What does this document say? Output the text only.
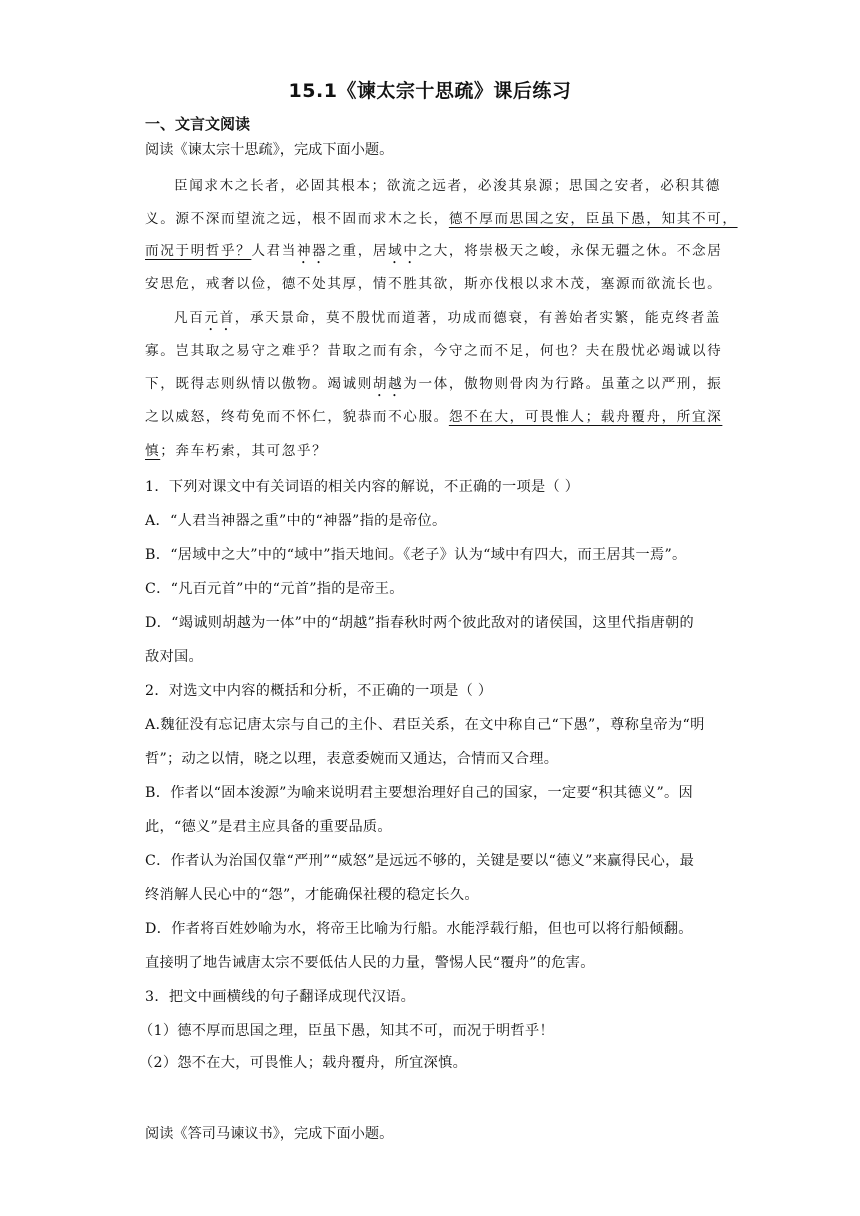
15.1《谏太宗十思疏》课后练习
一、文言文阅读
阅读《谏太宗十思疏》，完成下面小题。
臣闻求木之长者，必固其根本；欲流之远者，必浚其泉源；思国之安者，必积其德
义。源不深而望流之远，根不固而求木之长，德不厚而思国之安，臣虽下愚，知其不可，
而况于明哲乎？人君当神器之重，居域中之大，将崇极天之峻，永保无疆之休。不念居
安思危，戒奢以俭，德不处其厚，情不胜其欲，斯亦伐根以求木茂，塞源而欲流长也。
凡百元首，承天景命，莫不殷忧而道著，功成而德衰，有善始者实繁，能克终者盖
寡。岂其取之易守之难乎？昔取之而有余，今守之而不足，何也？夫在殷忧必竭诚以待
下，既得志则纵情以傲物。竭诚则胡越为一体，傲物则骨肉为行路。虽董之以严刑，振
之以威怒，终苟免而不怀仁，貌恭而不心服。怨不在大，可畏惟人；载舟覆舟，所宜深
慎；奔车朽索，其可忽乎？
1．下列对课文中有关词语的相关内容的解说，不正确的一项是（ ）
A．“人君当神器之重”中的“神器”指的是帝位。
B．“居域中之大”中的“域中”指天地间。《老子》认为“域中有四大，而王居其一焉”。
C．“凡百元首”中的“元首”指的是帝王。
D．“竭诚则胡越为一体”中的“胡越”指春秋时两个彼此敌对的诸侯国，这里代指唐朝的
敌对国。
2．对选文中内容的概括和分析，不正确的一项是（ ）
A.魏征没有忘记唐太宗与自己的主仆、君臣关系，在文中称自己“下愚”，尊称皇帝为“明
哲”；动之以情，晓之以理，表意委婉而又通达，合情而又合理。
B．作者以“固本浚源”为喻来说明君主要想治理好自己的国家，一定要“积其德义”。因
此，“德义”是君主应具备的重要品质。
C．作者认为治国仅靠“严刑”“威怒”是远远不够的，关键是要以“德义”来赢得民心，最
终消解人民心中的“怨”，才能确保社稷的稳定长久。
D．作者将百姓妙喻为水，将帝王比喻为行船。水能浮载行船，但也可以将行船倾翻。
直接明了地告诫唐太宗不要低估人民的力量，警惕人民“覆舟”的危害。
3．把文中画横线的句子翻译成现代汉语。
（1）德不厚而思国之理，臣虽下愚，知其不可，而况于明哲乎！
（2）怨不在大，可畏惟人；载舟覆舟，所宜深慎。
阅读《答司马谏议书》，完成下面小题。
